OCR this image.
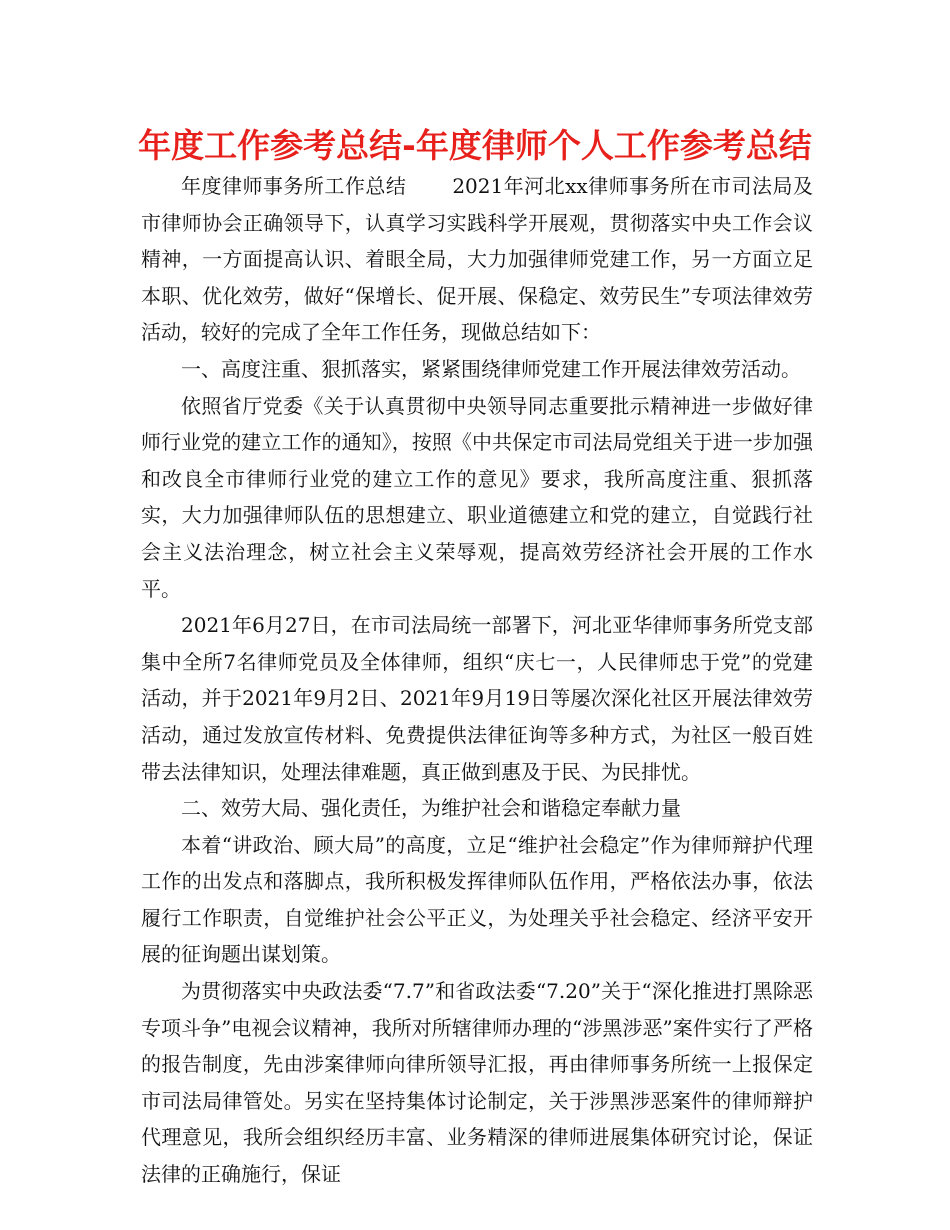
年度工作参考总结-年度律师个人工作参考总结

年度律师事务所工作总结 2021年河北xx律师事务所在市司法局及市律师协会正确领导下，认真学习实践科学开展观，贯彻落实中央工作会议精神，一方面提高认识、着眼全局，大力加强律师党建工作，另一方面立足本职、优化效劳，做好“保增长、促开展、保稳定、效劳民生”专项法律效劳活动，较好的完成了全年工作任务，现做总结如下：

一、高度注重、狠抓落实，紧紧围绕律师党建工作开展法律效劳活动。

依照省厅党委《关于认真贯彻中央领导同志重要批示精神进一步做好律师行业党的建立工作的通知》，按照《中共保定市司法局党组关于进一步加强和改良全市律师行业党的建立工作的意见》要求，我所高度注重、狠抓落实，大力加强律师队伍的思想建立、职业道德建立和党的建立，自觉践行社会主义法治理念，树立社会主义荣辱观，提高效劳经济社会开展的工作水平。

2021年6月27日，在市司法局统一部署下，河北亚华律师事务所党支部集中全所7名律师党员及全体律师，组织“庆七一，人民律师忠于党”的党建活动，并于2021年9月2日、2021年9月19日等屡次深化社区开展法律效劳活动，通过发放宣传材料、免费提供法律征询等多种方式，为社区一般百姓带去法律知识，处理法律难题，真正做到惠及于民、为民排忧。

二、效劳大局、强化责任，为维护社会和谐稳定奉献力量

本着“讲政治、顾大局”的高度，立足“维护社会稳定”作为律师辩护代理工作的出发点和落脚点，我所积极发挥律师队伍作用，严格依法办事，依法履行工作职责，自觉维护社会公平正义，为处理关乎社会稳定、经济平安开展的征询题出谋划策。

为贯彻落实中央政法委“7.7”和省政法委“7.20”关于“深化推进打黑除恶专项斗争”电视会议精神，我所对所辖律师办理的“涉黑涉恶”案件实行了严格的报告制度，先由涉案律师向律所领导汇报，再由律师事务所统一上报保定市司法局律管处。另实在坚持集体讨论制定，关于涉黑涉恶案件的律师辩护代理意见，我所会组织经历丰富、业务精深的律师进展集体研究讨论，保证法律的正确施行，保证
